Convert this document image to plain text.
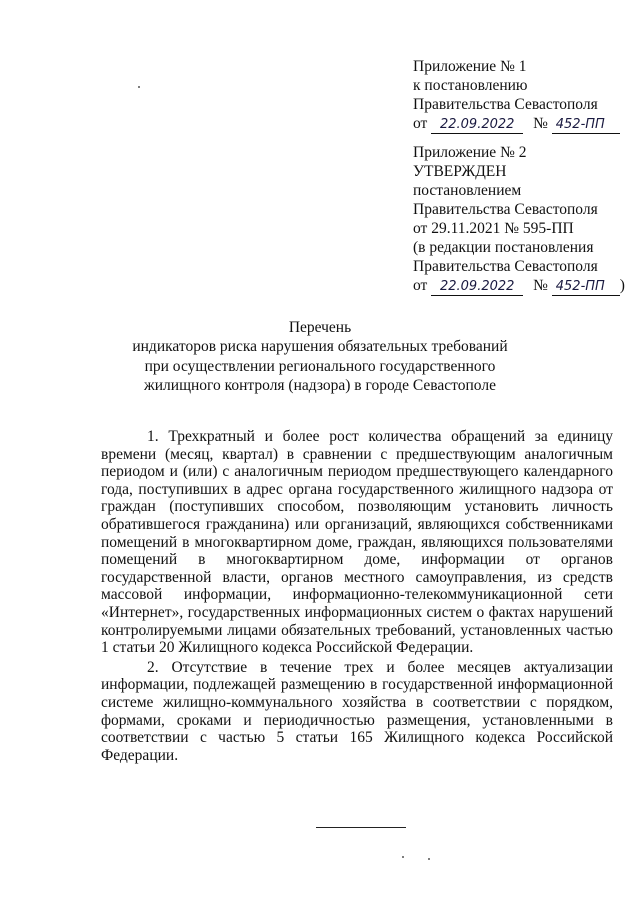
Приложение № 1
к постановлению
Правительства Севастополя
от 22.09.2022 № 452-ПП
Приложение № 2
УТВЕРЖДЕН
постановлением
Правительства Севастополя
от 29.11.2021 № 595-ПП
(в редакции постановления
Правительства Севастополя
от 22.09.2022 № 452-ПП )
Перечень
индикаторов риска нарушения обязательных требований
при осуществлении регионального государственного
жилищного контроля (надзора) в городе Севастополе

1. Трехкратный и более рост количества обращений за единицу времени (месяц, квартал) в сравнении с предшествующим аналогичным периодом и (или) с аналогичным периодом предшествующего календарного года, поступивших в адрес органа государственного жилищного надзора от граждан (поступивших способом, позволяющим установить личность обратившегося гражданина) или организаций, являющихся собственниками помещений в многоквартирном доме, граждан, являющихся пользователями помещений в многоквартирном доме, информации от органов государственной власти, органов местного самоуправления, из средств массовой информации, информационно-телекоммуникационной сети «Интернет», государственных информационных систем о фактах нарушений контролируемыми лицами обязательных требований, установленных частью 1 статьи 20 Жилищного кодекса Российской Федерации.

2. Отсутствие в течение трех и более месяцев актуализации информации, подлежащей размещению в государственной информационной системе жилищно-коммунального хозяйства в соответствии с порядком, формами, сроками и периодичностью размещения, установленными в соответствии с частью 5 статьи 165 Жилищного кодекса Российской Федерации.
